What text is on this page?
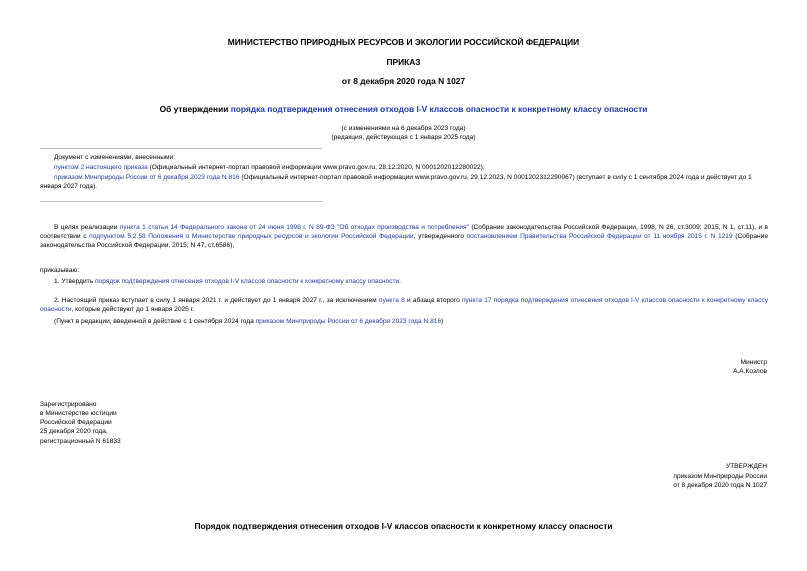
МИНИСТЕРСТВО ПРИРОДНЫХ РЕСУРСОВ И ЭКОЛОГИИ РОССИЙСКОЙ ФЕДЕРАЦИИ
ПРИКАЗ
от 8 декабря 2020 года N 1027
Об утверждении порядка подтверждения отнесения отходов I-V классов опасности к конкретному классу опасности
(с изменениями на 6 декабря 2023 года)
(редакция, действующая с 1 января 2025 года)
Документ с изменениями, внесенными:
пунктом 2 настоящего приказа (Официальный интернет-портал правовой информации www.pravo.gov.ru, 28.12.2020, N 0001202012280022);
приказом Минприроды России от 6 декабря 2023 года N 816 (Официальный интернет-портал правовой информации www.pravo.gov.ru, 29.12.2023, N 0001202312290067) (вступает в силу с 1 сентября 2024 года и действует до 1 января 2027 года).
В целях реализации пункта 1 статьи 14 Федерального закона от 24 июня 1998 г. N 89-ФЗ "Об отходах производства и потребления" (Собрание законодательства Российской Федерации, 1998, N 26, ст.3009; 2015, N 1, ст.11), и в соответствии с подпунктом 5.2.58 Положения о Министерстве природных ресурсов и экологии Российской Федерации, утвержденного постановлением Правительства Российской Федерации от 11 ноября 2015 г. N 1219 (Собрание законодательства Российской Федерации, 2015, N 47, ст.6586),
приказываю:
1. Утвердить порядок подтверждения отнесения отходов I-V классов опасности к конкретному классу опасности.
2. Настоящий приказ вступает в силу 1 января 2021 г. и действует до 1 января 2027 г., за исключением пункта 8 и абзаца второго пункта 17 порядка подтверждения отнесения отходов I-V классов опасности к конкретному классу опасности, которые действуют до 1 января 2025 г.
(Пункт в редакции, введенной в действие с 1 сентября 2024 года приказом Минприроды России от 6 декабря 2023 года N 816)
Министр
А.А.Козлов
Зарегистрировано
в Министерстве юстиции
Российской Федерации
25 декабря 2020 года,
регистрационный N 61833
УТВЕРЖДЕН
приказом Минприроды России
от 8 декабря 2020 года N 1027
Порядок подтверждения отнесения отходов I-V классов опасности к конкретному классу опасности
